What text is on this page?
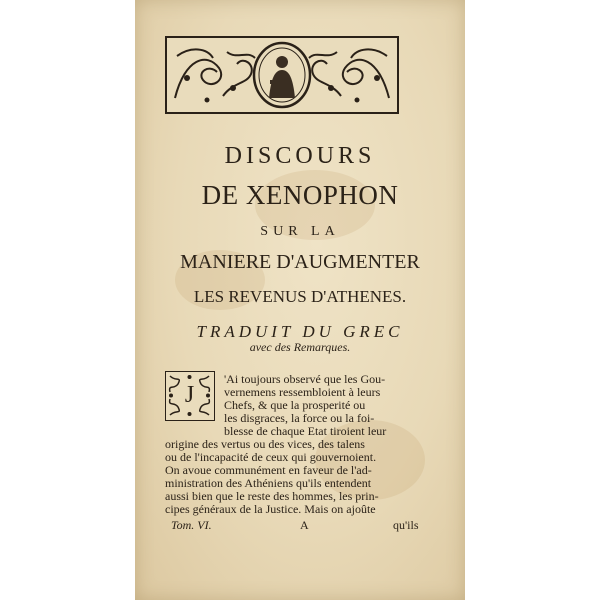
DISCOURS
DE XENOPHON
SUR LA
MANIERE D'AUGMENTER
LES REVENUS D'ATHENES.
TRADUIT DU GREC
avec des Remarques.
J
'Ai toujours observé que les Gou-
vernemens ressembloient à leurs
Chefs, & que la prosperité ou
les disgraces, la force ou la foi-
blesse de chaque Etat tiroient leur
origine des vertus ou des vices, des talens
ou de l'incapacité de ceux qui gouvernoient.
On avoue communément en faveur de l'ad-
ministration des Athéniens qu'ils entendent
aussi bien que le reste des hommes, les prin-
cipes généraux de la Justice. Mais on ajoûte
Tom. VI.	A	qu'ils
